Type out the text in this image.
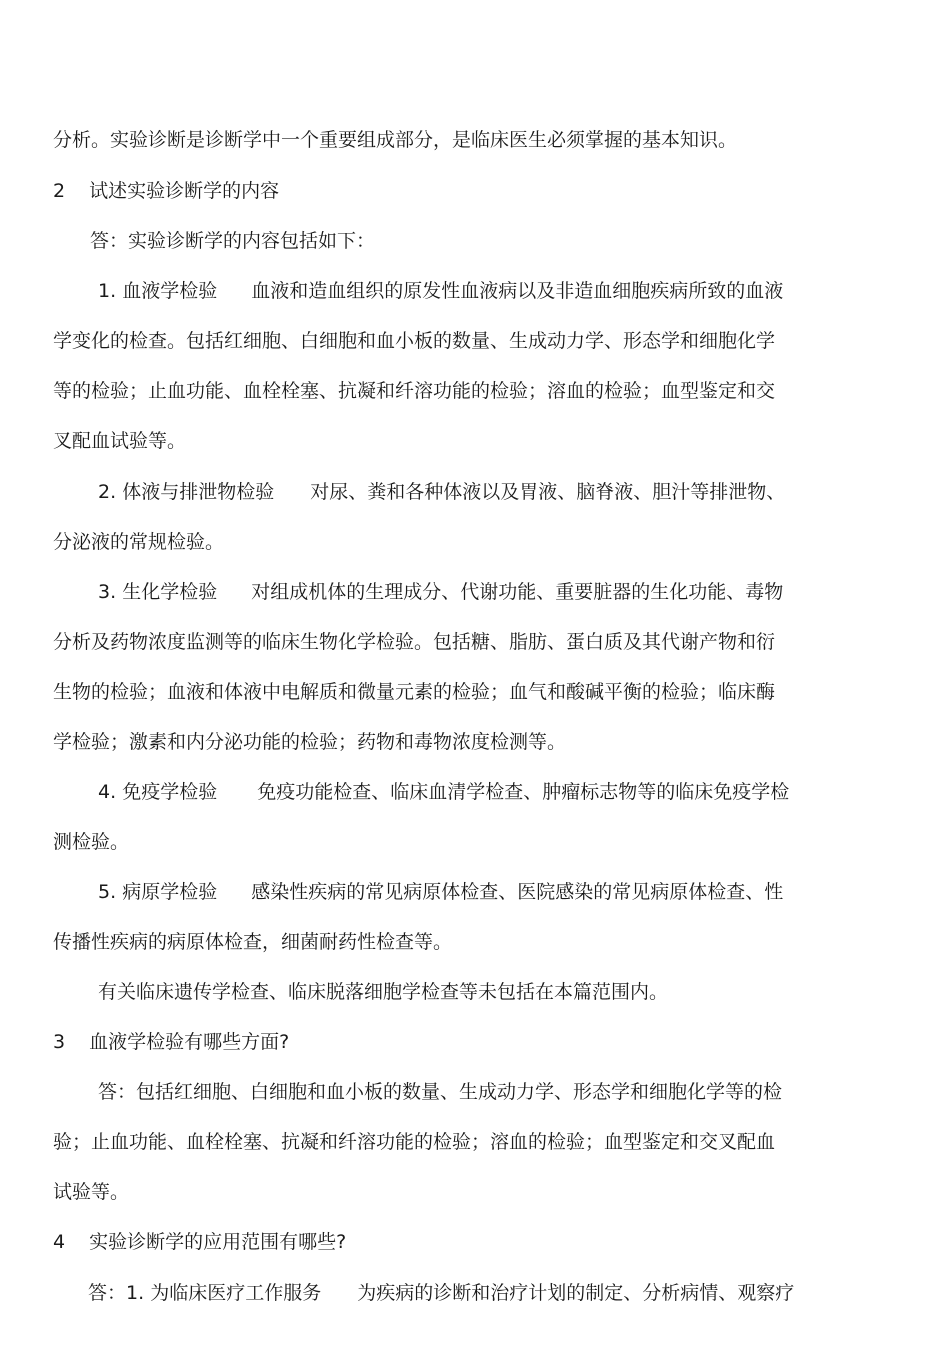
分析。实验诊断是诊断学中一个重要组成部分，是临床医生必须掌握的基本知识。
2 试述实验诊断学的内容
答：实验诊断学的内容包括如下：
1. 血液学检验 血液和造血组织的原发性血液病以及非造血细胞疾病所致的血液
学变化的检查。包括红细胞、白细胞和血小板的数量、生成动力学、形态学和细胞化学
等的检验；止血功能、血栓栓塞、抗凝和纤溶功能的检验；溶血的检验；血型鉴定和交
叉配血试验等。
2. 体液与排泄物检验 对尿、粪和各种体液以及胃液、脑脊液、胆汁等排泄物、
分泌液的常规检验。
3. 生化学检验 对组成机体的生理成分、代谢功能、重要脏器的生化功能、毒物
分析及药物浓度监测等的临床生物化学检验。包括糖、脂肪、蛋白质及其代谢产物和衍
生物的检验；血液和体液中电解质和微量元素的检验；血气和酸碱平衡的检验；临床酶
学检验；激素和内分泌功能的检验；药物和毒物浓度检测等。
4. 免疫学检验 免疫功能检查、临床血清学检查、肿瘤标志物等的临床免疫学检
测检验。
5. 病原学检验 感染性疾病的常见病原体检查、医院感染的常见病原体检查、性
传播性疾病的病原体检查，细菌耐药性检查等。
有关临床遗传学检查、临床脱落细胞学检查等未包括在本篇范围内。
3 血液学检验有哪些方面?
答：包括红细胞、白细胞和血小板的数量、生成动力学、形态学和细胞化学等的检
验；止血功能、血栓栓塞、抗凝和纤溶功能的检验；溶血的检验；血型鉴定和交叉配血
试验等。
4 实验诊断学的应用范围有哪些?
答：1. 为临床医疗工作服务 为疾病的诊断和治疗计划的制定、分析病情、观察疗
